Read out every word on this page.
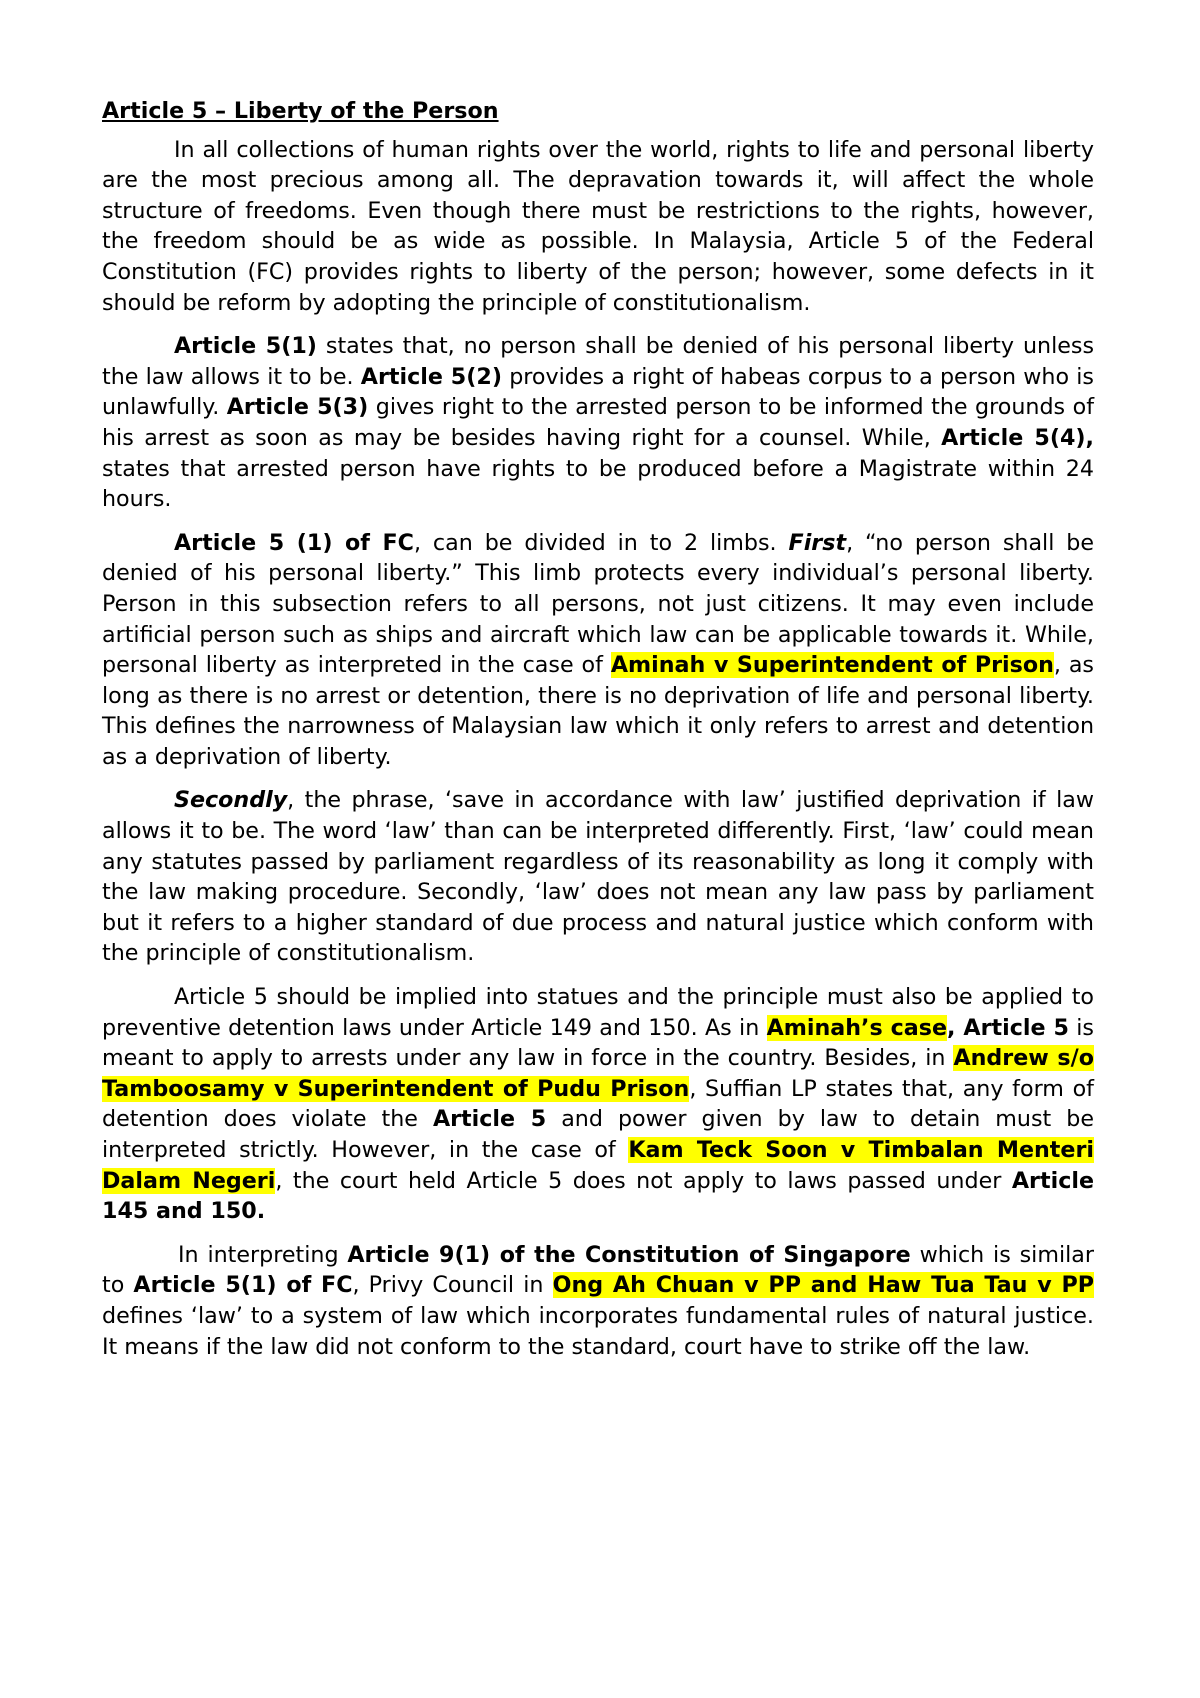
Article 5 – Liberty of the Person

In all collections of human rights over the world, rights to life and personal liberty are the most precious among all. The depravation towards it, will affect the whole structure of freedoms. Even though there must be restrictions to the rights, however, the freedom should be as wide as possible. In Malaysia, Article 5 of the Federal Constitution (FC) provides rights to liberty of the person; however, some defects in it should be reform by adopting the principle of constitutionalism.

Article 5(1) states that, no person shall be denied of his personal liberty unless the law allows it to be. Article 5(2) provides a right of habeas corpus to a person who is unlawfully. Article 5(3) gives right to the arrested person to be informed the grounds of his arrest as soon as may be besides having right for a counsel. While, Article 5(4), states that arrested person have rights to be produced before a Magistrate within 24 hours.

Article 5 (1) of FC, can be divided in to 2 limbs. First, “no person shall be denied of his personal liberty.” This limb protects every individual’s personal liberty. Person in this subsection refers to all persons, not just citizens. It may even include artificial person such as ships and aircraft which law can be applicable towards it. While, personal liberty as interpreted in the case of Aminah v Superintendent of Prison, as long as there is no arrest or detention, there is no deprivation of life and personal liberty. This defines the narrowness of Malaysian law which it only refers to arrest and detention as a deprivation of liberty.

Secondly, the phrase, ‘save in accordance with law’ justified deprivation if law allows it to be. The word ‘law’ than can be interpreted differently. First, ‘law’ could mean any statutes passed by parliament regardless of its reasonability as long it comply with the law making procedure. Secondly, ‘law’ does not mean any law pass by parliament but it refers to a higher standard of due process and natural justice which conform with the principle of constitutionalism.

Article 5 should be implied into statues and the principle must also be applied to preventive detention laws under Article 149 and 150. As in Aminah’s case, Article 5 is meant to apply to arrests under any law in force in the country. Besides, in Andrew s/o Tamboosamy v Superintendent of Pudu Prison, Suffian LP states that, any form of detention does violate the Article 5 and power given by law to detain must be interpreted strictly. However, in the case of Kam Teck Soon v Timbalan Menteri Dalam Negeri, the court held Article 5 does not apply to laws passed under Article 145 and 150.

In interpreting Article 9(1) of the Constitution of Singapore which is similar to Article 5(1) of FC, Privy Council in Ong Ah Chuan v PP and Haw Tua Tau v PP defines ‘law’ to a system of law which incorporates fundamental rules of natural justice. It means if the law did not conform to the standard, court have to strike off the law.
